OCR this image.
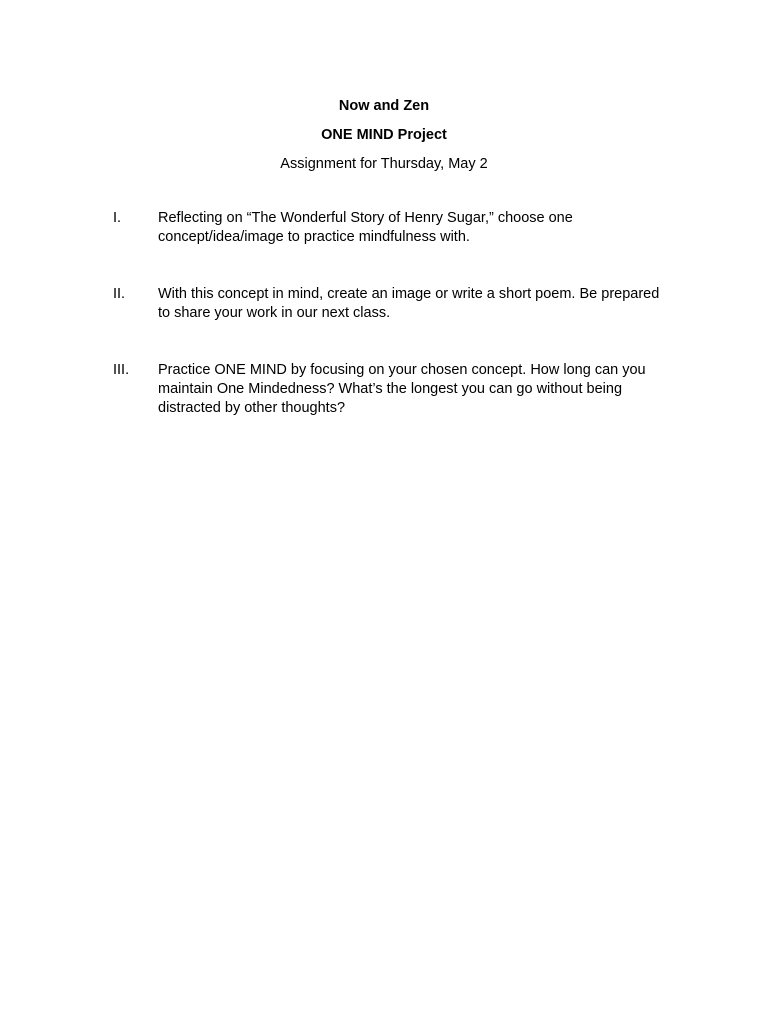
Now and Zen

ONE MIND Project

Assignment for Thursday, May 2

I.	Reflecting on “The Wonderful Story of Henry Sugar,” choose one concept/idea/image to practice mindfulness with.
II.	With this concept in mind, create an image or write a short poem. Be prepared to share your work in our next class.
III.	Practice ONE MIND by focusing on your chosen concept. How long can you maintain One Mindedness? What’s the longest you can go without being distracted by other thoughts?
